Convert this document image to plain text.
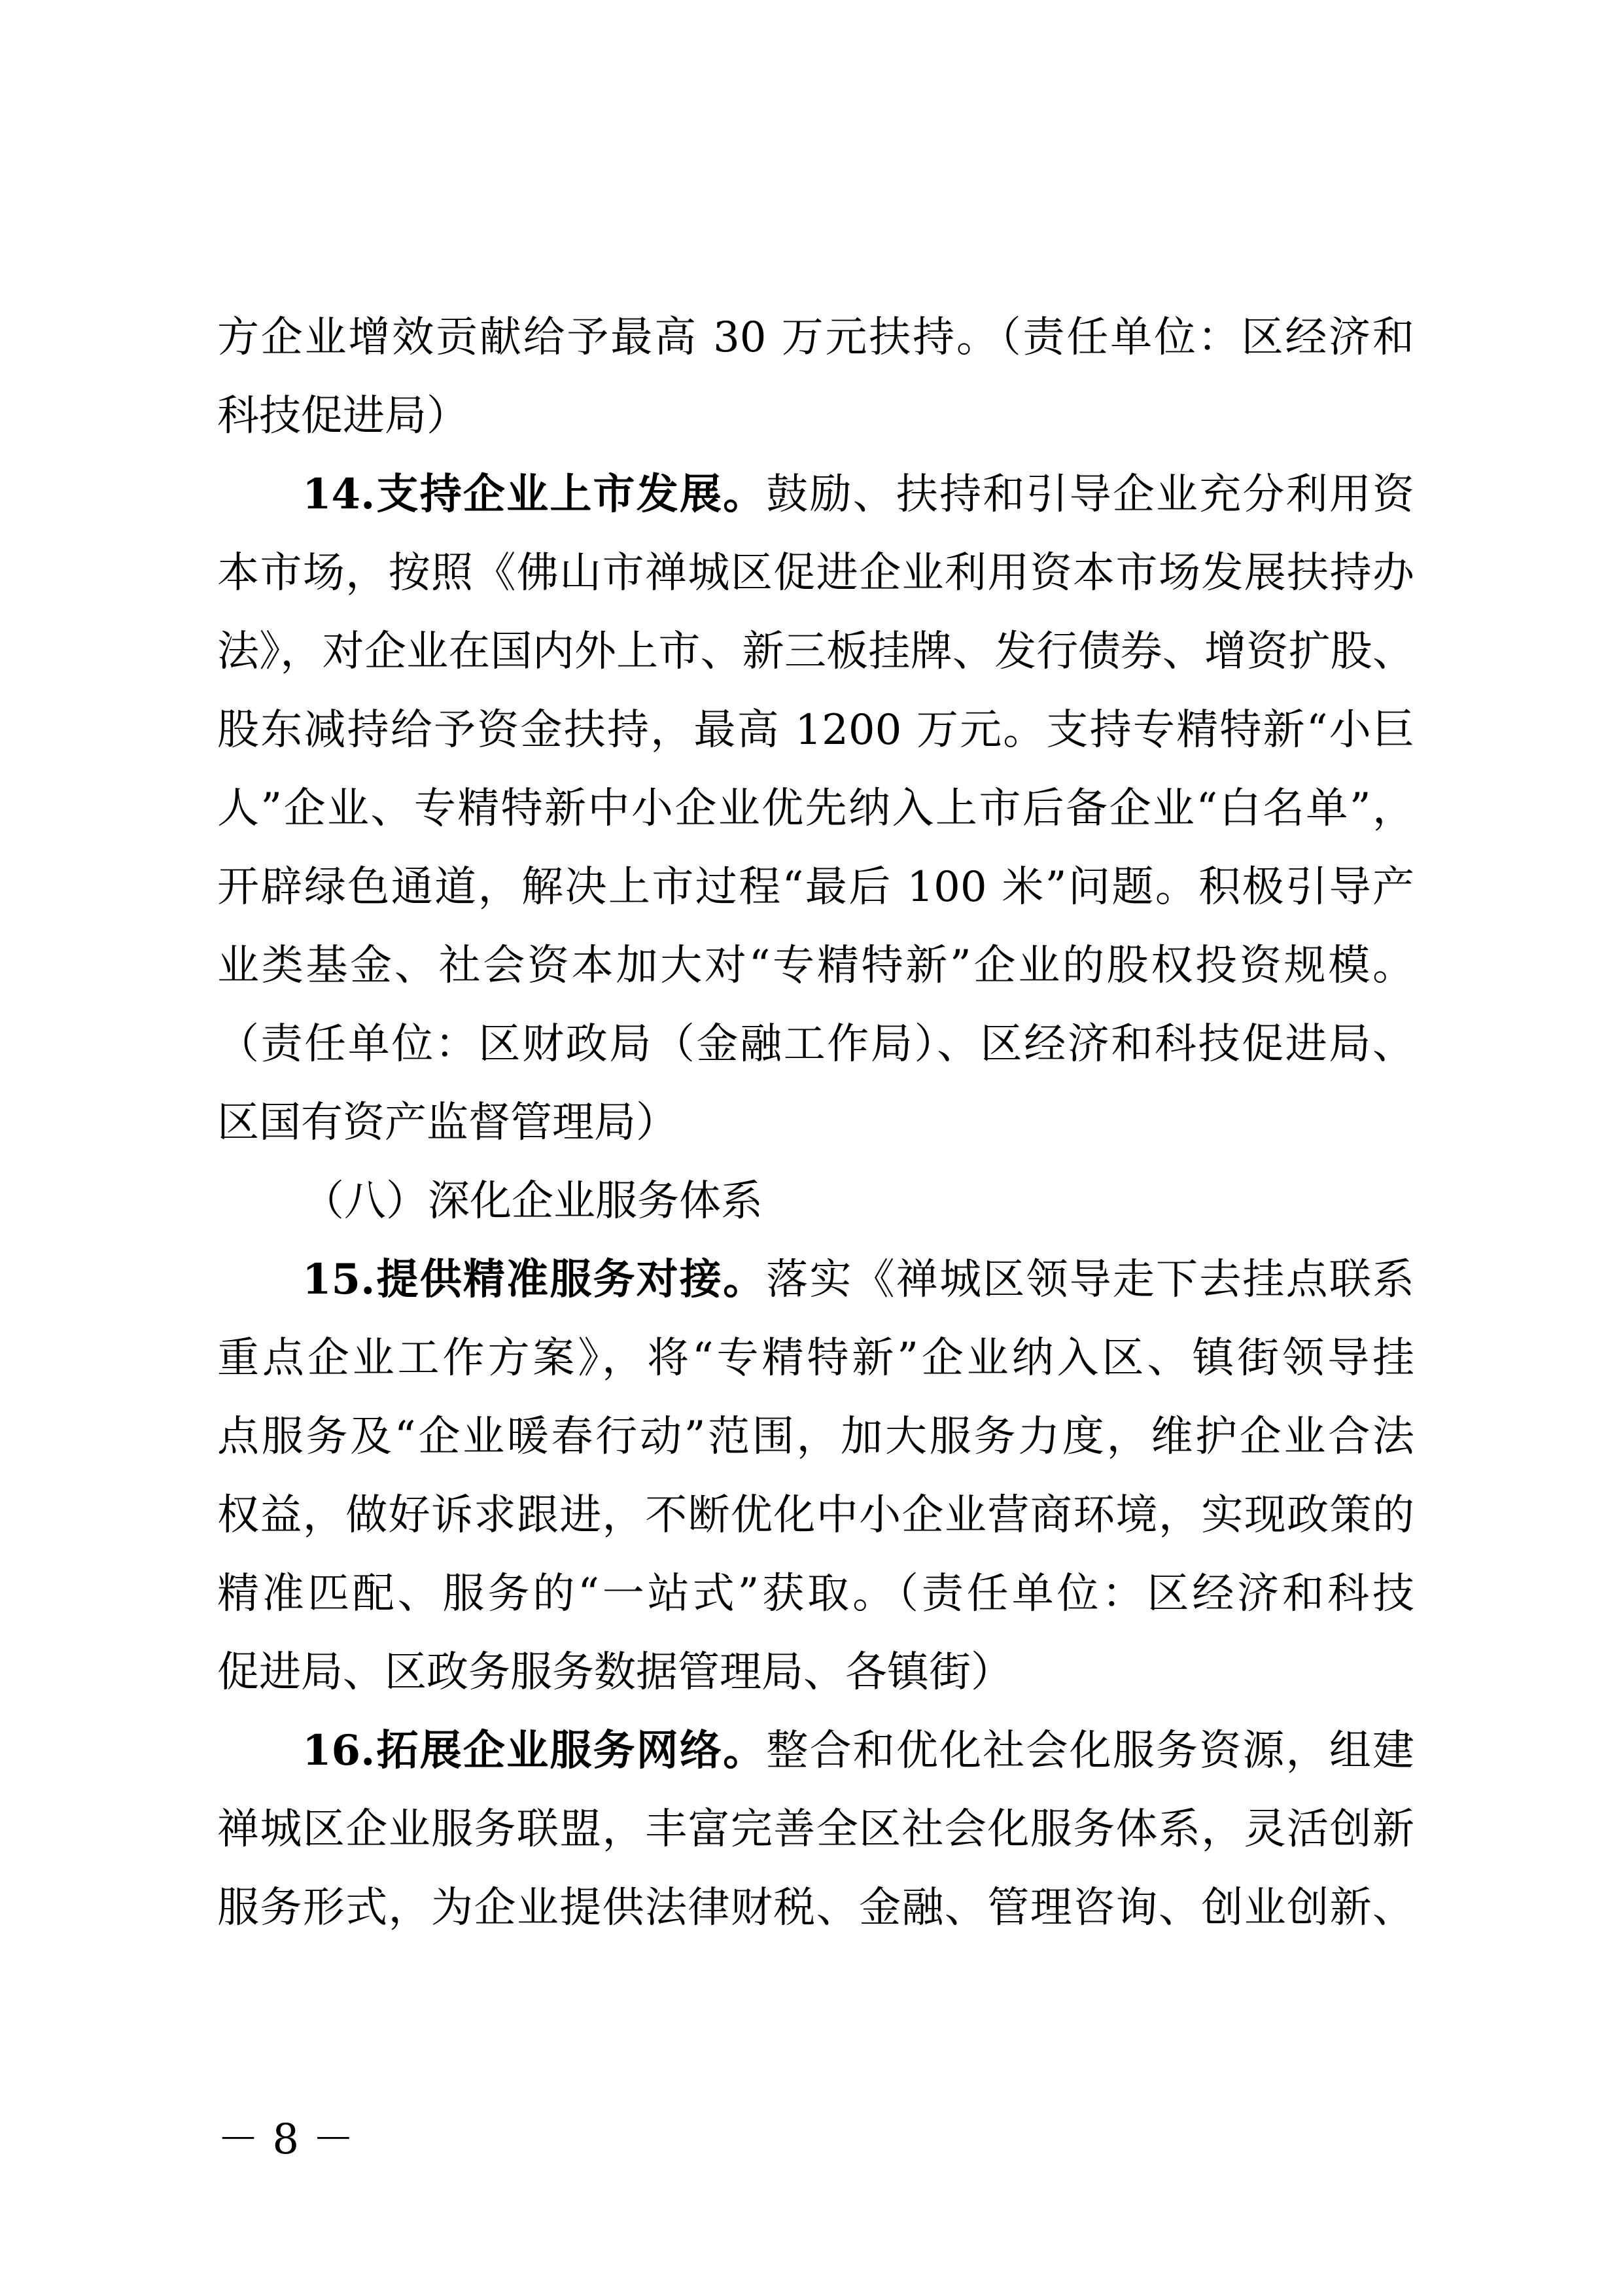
方企业增效贡献给予最高 30 万元扶持。（责任单位：区经济和
科技促进局）
14.支持企业上市发展。鼓励、扶持和引导企业充分利用资
本市场，按照《佛山市禅城区促进企业利用资本市场发展扶持办
法》，对企业在国内外上市、新三板挂牌、发行债券、增资扩股、
股东减持给予资金扶持，最高 1200 万元。支持专精特新“小巨
人”企业、专精特新中小企业优先纳入上市后备企业“白名单”，
开辟绿色通道，解决上市过程“最后 100 米”问题。积极引导产
业类基金、社会资本加大对“专精特新”企业的股权投资规模。
（责任单位：区财政局（金融工作局）、区经济和科技促进局、
区国有资产监督管理局）
（八）深化企业服务体系
15.提供精准服务对接。落实《禅城区领导走下去挂点联系
重点企业工作方案》，将“专精特新”企业纳入区、镇街领导挂
点服务及“企业暖春行动”范围，加大服务力度，维护企业合法
权益，做好诉求跟进，不断优化中小企业营商环境，实现政策的
精准匹配、服务的“一站式”获取。（责任单位：区经济和科技
促进局、区政务服务数据管理局、各镇街）
16.拓展企业服务网络。整合和优化社会化服务资源，组建
禅城区企业服务联盟，丰富完善全区社会化服务体系，灵活创新
服务形式，为企业提供法律财税、金融、管理咨询、创业创新、
－ 8 －
